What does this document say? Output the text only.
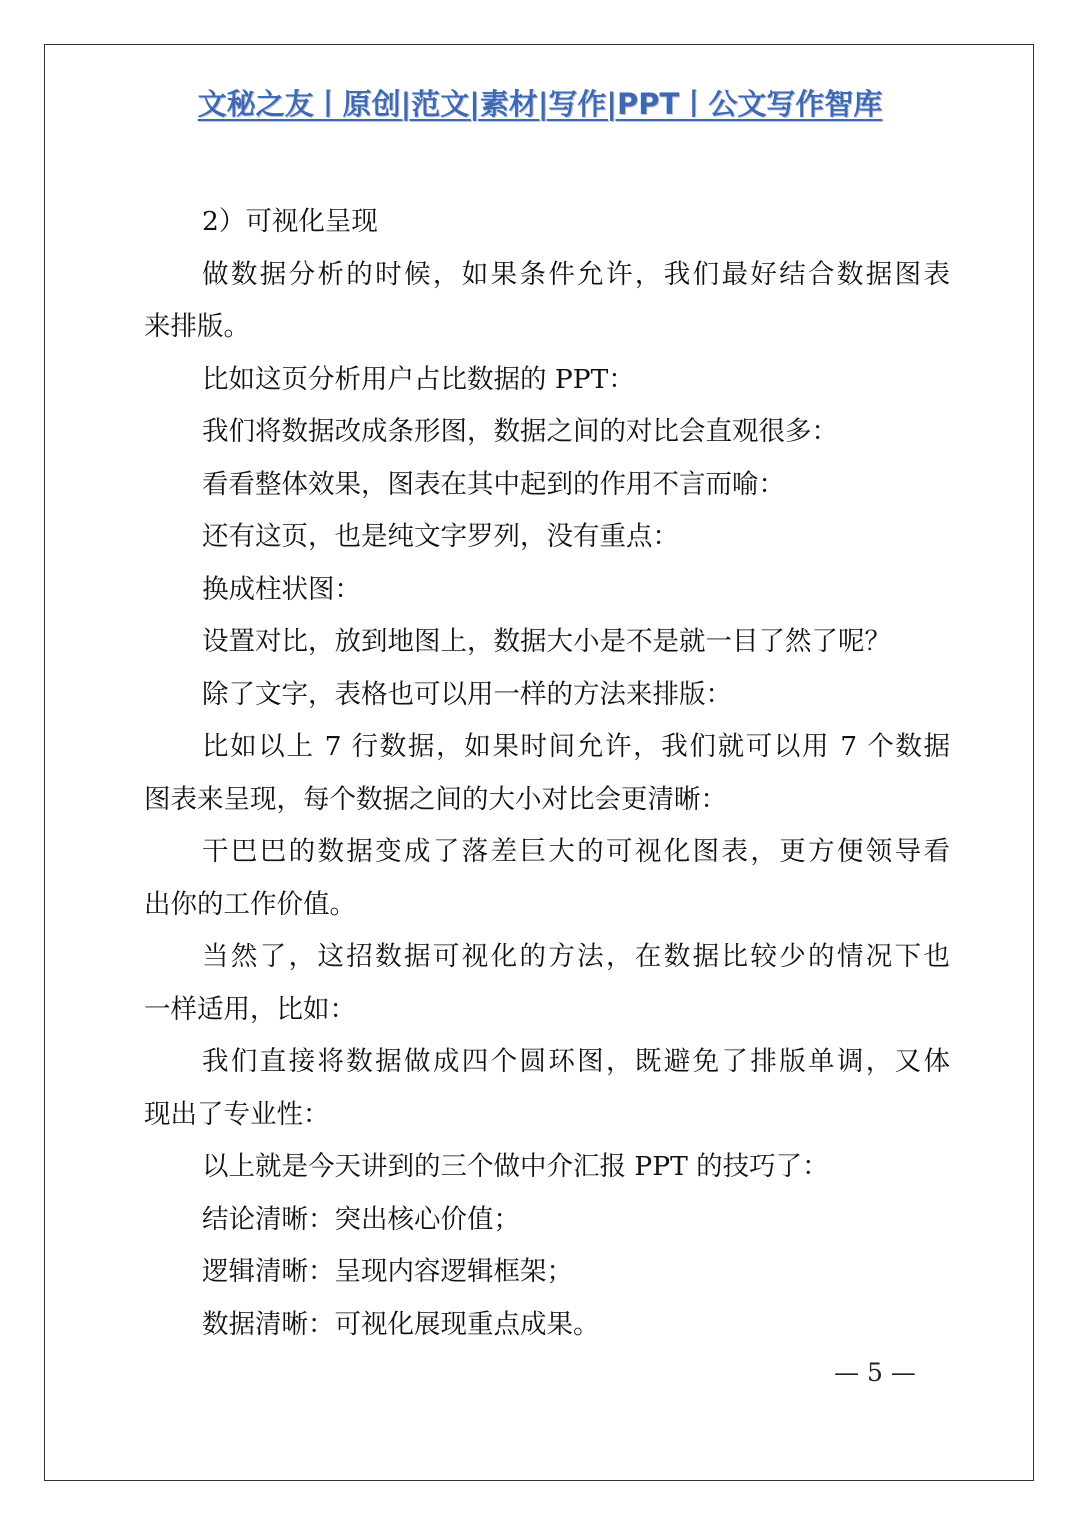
文秘之友丨原创|范文|素材|写作|PPT丨公文写作智库
2）可视化呈现
做数据分析的时候，如果条件允许，我们最好结合数据图表
来排版。
比如这页分析用户占比数据的 PPT：
我们将数据改成条形图，数据之间的对比会直观很多：
看看整体效果，图表在其中起到的作用不言而喻：
还有这页，也是纯文字罗列，没有重点：
换成柱状图：
设置对比，放到地图上，数据大小是不是就一目了然了呢？
除了文字，表格也可以用一样的方法来排版：
比如以上 7 行数据，如果时间允许，我们就可以用 7 个数据
图表来呈现，每个数据之间的大小对比会更清晰：
干巴巴的数据变成了落差巨大的可视化图表，更方便领导看
出你的工作价值。
当然了，这招数据可视化的方法，在数据比较少的情况下也
一样适用，比如：
我们直接将数据做成四个圆环图，既避免了排版单调，又体
现出了专业性：
以上就是今天讲到的三个做中介汇报 PPT 的技巧了：
结论清晰：突出核心价值；
逻辑清晰：呈现内容逻辑框架；
数据清晰：可视化展现重点成果。
— 5 —
